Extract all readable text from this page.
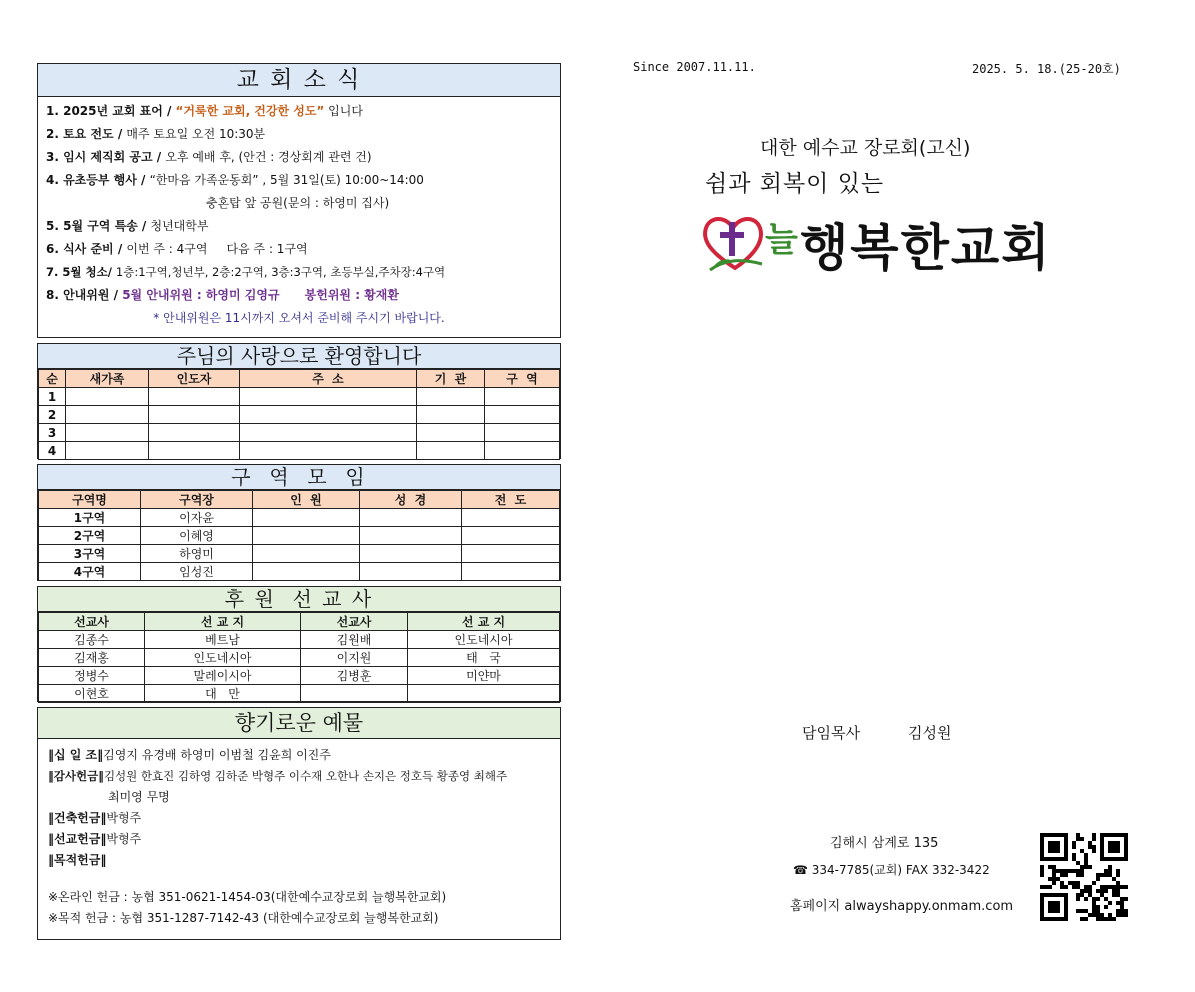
교 회 소 식
1. 2025년 교회 표어 / “거룩한 교회, 건강한 성도” 입니다
2. 토요 전도 / 매주 토요일 오전 10:30분
3. 임시 제직회 공고 / 오후 예배 후, (안건 : 경상회계 관련 건)
4. 유초등부 행사 / “한마음 가족운동회” , 5월 31일(토) 10:00~14:00
충혼탑 앞 공원(문의 : 하영미 집사)
5. 5월 구역 특송 / 청년대학부
6. 식사 준비 / 이번 주 : 4구역     다음 주 : 1구역
7. 5월 청소/ 1층:1구역,청년부, 2층:2구역, 3층:3구역, 초등부실,주차장:4구역
8. 안내위원 / 5월 안내위원 : 하영미 김영규      봉헌위원 : 황재환
* 안내위원은 11시까지 오셔서 준비해 주시기 바랍니다.
주님의 사랑으로 환영합니다
순	새가족	인도자	주  소	기  관	구  역
1					
2					
3					
4					
구  역  모  임
구역명	구역장	인  원	성  경	전  도
1구역	이자윤			
2구역	이혜영			
3구역	하영미			
4구역	임성진			
후 원  선 교 사
선교사	선 교 지	선교사	선 교 지
김종수	베트남	김원배	인도네시아
김재홍	인도네시아	이지원	태   국
정병수	말레이시아	김병훈	미얀마
이현호	대   만		
향기로운 예물
‖십 일 조‖김영지 유경배 하영미 이범철 김윤희 이진주
‖감사헌금‖김성원 한효진 김하영 김하준 박형주 이수재 오한나 손지은 정호득 황종영 최해주
최미영 무명
‖건축헌금‖박형주
‖선교헌금‖박형주
‖목적헌금‖
※온라인 헌금 : 농협 351-0621-1454-03(대한예수교장로회 늘행복한교회)
※목적 헌금 : 농협 351-1287-7142-43 (대한예수교장로회 늘행복한교회)
Since 2007.11.11.	2025. 5. 18.(25-20호)
대한 예수교 장로회(고신)
쉼과 회복이 있는
늘 행복한교회
담임목사	김성원
김해시 삼계로 135
☎ 334-7785(교회) FAX 332-3422
홈페이지 alwayshappy.onmam.com
